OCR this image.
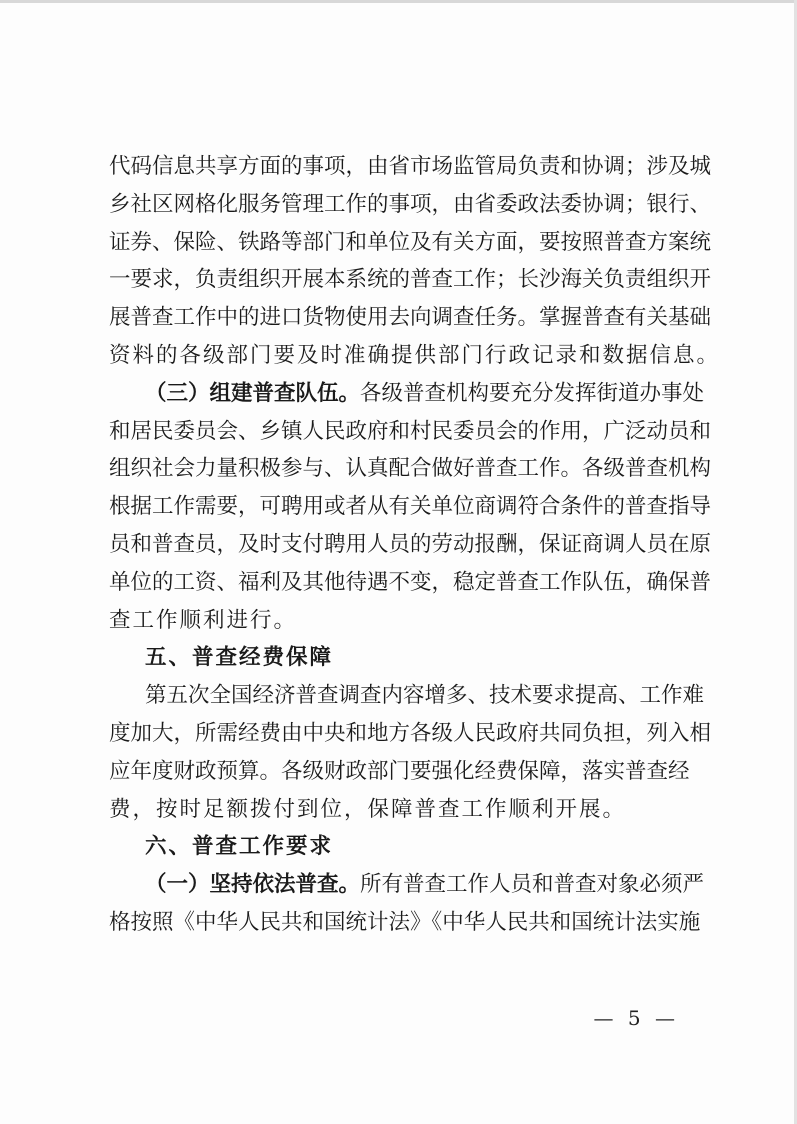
代码信息共享方面的事项，由省市场监管局负责和协调；涉及城
乡社区网格化服务管理工作的事项，由省委政法委协调；银行、
证券、保险、铁路等部门和单位及有关方面，要按照普查方案统
一要求，负责组织开展本系统的普查工作；长沙海关负责组织开
展普查工作中的进口货物使用去向调查任务。掌握普查有关基础
资料的各级部门要及时准确提供部门行政记录和数据信息。
（三）组建普查队伍。各级普查机构要充分发挥街道办事处
和居民委员会、乡镇人民政府和村民委员会的作用，广泛动员和
组织社会力量积极参与、认真配合做好普查工作。各级普查机构
根据工作需要，可聘用或者从有关单位商调符合条件的普查指导
员和普查员，及时支付聘用人员的劳动报酬，保证商调人员在原
单位的工资、福利及其他待遇不变，稳定普查工作队伍，确保普
查工作顺利进行。
五、普查经费保障
第五次全国经济普查调查内容增多、技术要求提高、工作难
度加大，所需经费由中央和地方各级人民政府共同负担，列入相
应年度财政预算。各级财政部门要强化经费保障，落实普查经
费，按时足额拨付到位，保障普查工作顺利开展。
六、普查工作要求
（一）坚持依法普查。所有普查工作人员和普查对象必须严
格按照《中华人民共和国统计法》《中华人民共和国统计法实施
— 5 —
